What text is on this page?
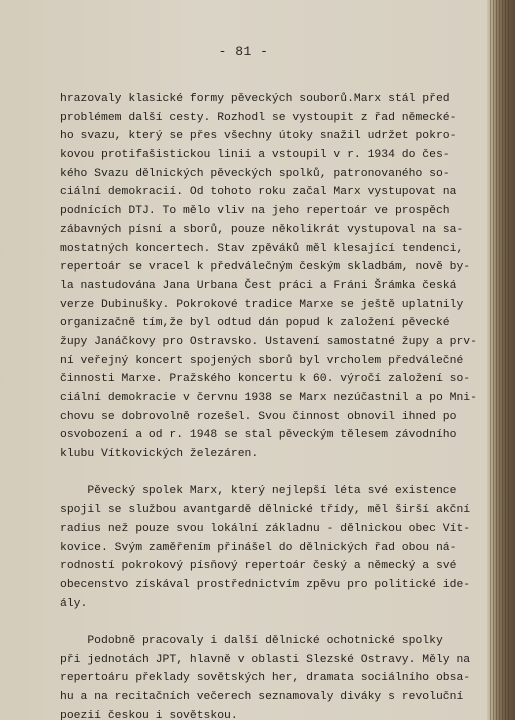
- 81 -
hrazovaly klasické formy pěveckých souborů.Marx stál před
problémem další cesty. Rozhodl se vystoupit z řad německé-
ho svazu, který se přes všechny útoky snažil udržet pokro-
kovou protifašistickou linii a vstoupil v r. 1934 do čes-
kého Svazu dělnických pěveckých spolků, patronovaného so-
ciální demokracií. Od tohoto roku začal Marx vystupovat na
podnících DTJ. To mělo vliv na jeho repertoár ve prospěch
zábavných písní a sborů, pouze několikrát vystupoval na sa-
mostatných koncertech. Stav zpěváků měl klesající tendenci,
repertoár se vracel k předválečným českým skladbám, nově by-
la nastudována Jana Urbana Čest práci a Fráni Šrámka česká
verze Dubinušky. Pokrokové tradice Marxe se ještě uplatnily
organizačně tím,že byl odtud dán popud k založení pěvecké
župy Janáčkovy pro Ostravsko. Ustavení samostatné župy a prv-
ní veřejný koncert spojených sborů byl vrcholem předválečné
činnosti Marxe. Pražského koncertu k 60. výročí založení so-
ciální demokracie v červnu 1938 se Marx nezúčastnil a po Mni-
chovu se dobrovolně rozešel. Svou činnost obnovil ihned po
osvobození a od r. 1948 se stal pěveckým tělesem závodního
klubu Vítkovických železáren.
Pěvecký spolek Marx, který nejlepší léta své existence
spojil se službou avantgardě dělnické třídy, měl širší akční
radius než pouze svou lokální základnu - dělnickou obec Vít-
kovice. Svým zaměřením přinášel do dělnických řad obou ná-
rodností pokrokový písňový repertoár český a německý a své
obecenstvo získával prostřednictvím zpěvu pro politické ide-
ály.
Podobně pracovaly i další dělnické ochotnické spolky
při jednotách JPT, hlavně v oblasti Slezské Ostravy. Měly na
repertoáru překlady sovětských her, dramata sociálního obsa-
hu a na recitačních večerech seznamovaly diváky s revoluční
poezií českou i sovětskou.
